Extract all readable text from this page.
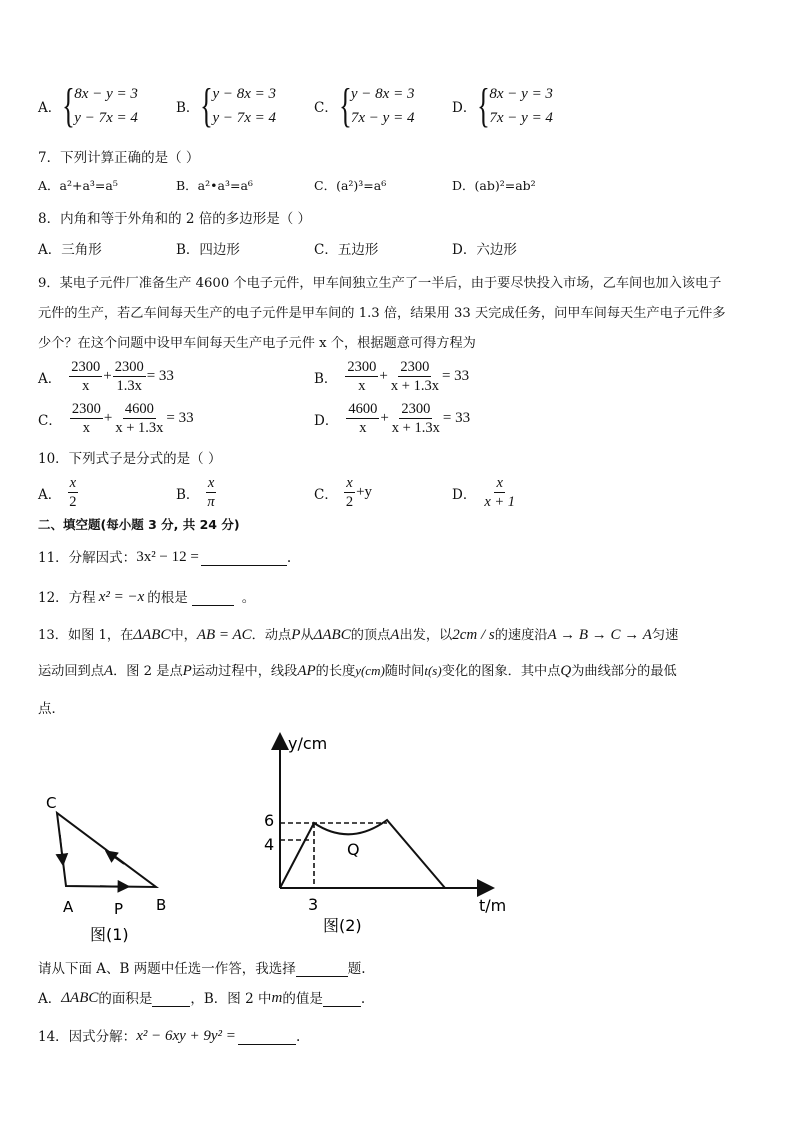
A． { 8x − y = 3
y − 7x = 4
B． { y − 8x = 3
y − 7x = 4
C． { y − 8x = 3
7x − y = 4
D． { 8x − y = 3
7x − y = 4
7．下列计算正确的是（ ）
A．a²+a³=a⁵	B．a²•a³=a⁶	C．(a²)³=a⁶	D．(ab)²=ab²
8．内角和等于外角和的 2 倍的多边形是（ ）
A．三角形	B．四边形	C．五边形	D．六边形
9．某电子元件厂准备生产 4600 个电子元件，甲车间独立生产了一半后，由于要尽快投入市场，乙车间也加入该电子
元件的生产，若乙车间每天生产的电子元件是甲车间的 1.3 倍，结果用 33 天完成任务，问甲车间每天生产电子元件多
少个？在这个问题中设甲车间每天生产电子元件 x 个，根据题意可得方程为
A． $\frac{2300}{x} + \frac{2300}{1.3x} = 33$	B． $\frac{2300}{x} + \frac{2300}{x + 1.3x} = 33$
C． $\frac{2300}{x} + \frac{4600}{x + 1.3x} = 33$	D． $\frac{4600}{x} + \frac{2300}{x + 1.3x} = 33$
10．下列式子是分式的是（ ）
A． $\frac{x}{2}$	B． $\frac{x}{\pi}$	C． $\frac{x}{2} +y$	D． $\frac{x}{x + 1}$
二、填空题(每小题 3 分, 共 24 分)
11．分解因式： 3x² − 12 =	.
12．方程 x² = −x 的根是	。
13．如图 1，在ΔABC中，AB = AC．动点P从ΔABC的顶点A出发，以2cm / s的速度沿A → B → C → A匀速
运动回到点A．图 2 是点P运动过程中，线段AP的长度y(cm)随时间t(s)变化的图象．其中点Q为曲线部分的最低
点．
C
A	P B
图(1)
y/cm
t/m
6
4
3
Q
图(2)
请从下面 A、B 两题中任选一作答，我选择	题.
A． ΔABC 的面积是	，B．图 2 中 m 的值是	.
14．因式分解： x² − 6xy + 9y² =	.
